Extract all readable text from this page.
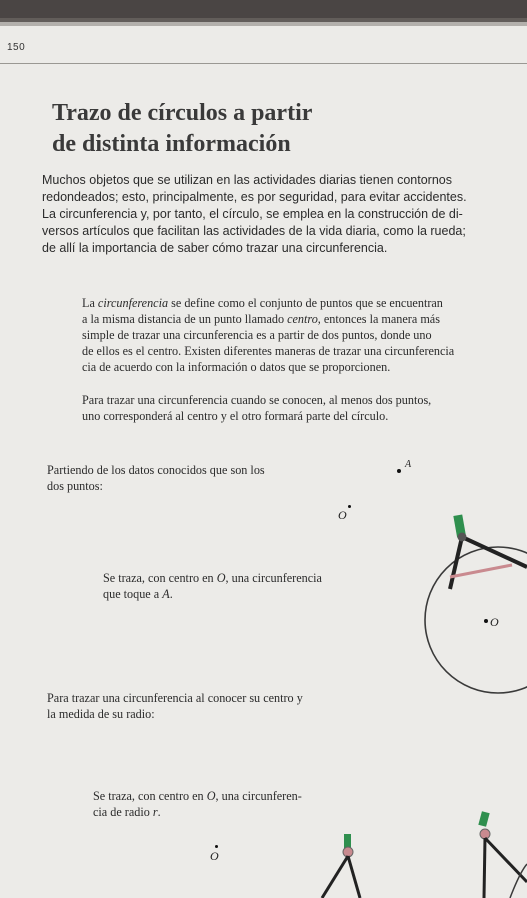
150
Trazo de círculos a partir
de distinta información

Muchos objetos que se utilizan en las actividades diarias tienen contornos

redondeados; esto, principalmente, es por seguridad, para evitar accidentes.

La circunferencia y, por tanto, el círculo, se emplea en la construcción de di-

versos artículos que facilitan las actividades de la vida diaria, como la rueda;

de allí la importancia de saber cómo trazar una circunferencia.

La circunferencia se define como el conjunto de puntos que se encuentran

a la misma distancia de un punto llamado centro, entonces la manera más

simple de trazar una circunferencia es a partir de dos puntos, donde uno

de ellos es el centro. Existen diferentes maneras de trazar una circunferencia

cia de acuerdo con la información o datos que se proporcionen.

Para trazar una circunferencia cuando se conocen, al menos dos puntos,

uno corresponderá al centro y el otro formará parte del círculo.

Partiendo de los datos conocidos que son los

dos puntos:

A
O

Se traza, con centro en O, una circunferencia

que toque a A.

O

Para trazar una circunferencia al conocer su centro y

la medida de su radio:

Se traza, con centro en O, una circunferen-

cia de radio r.

O
